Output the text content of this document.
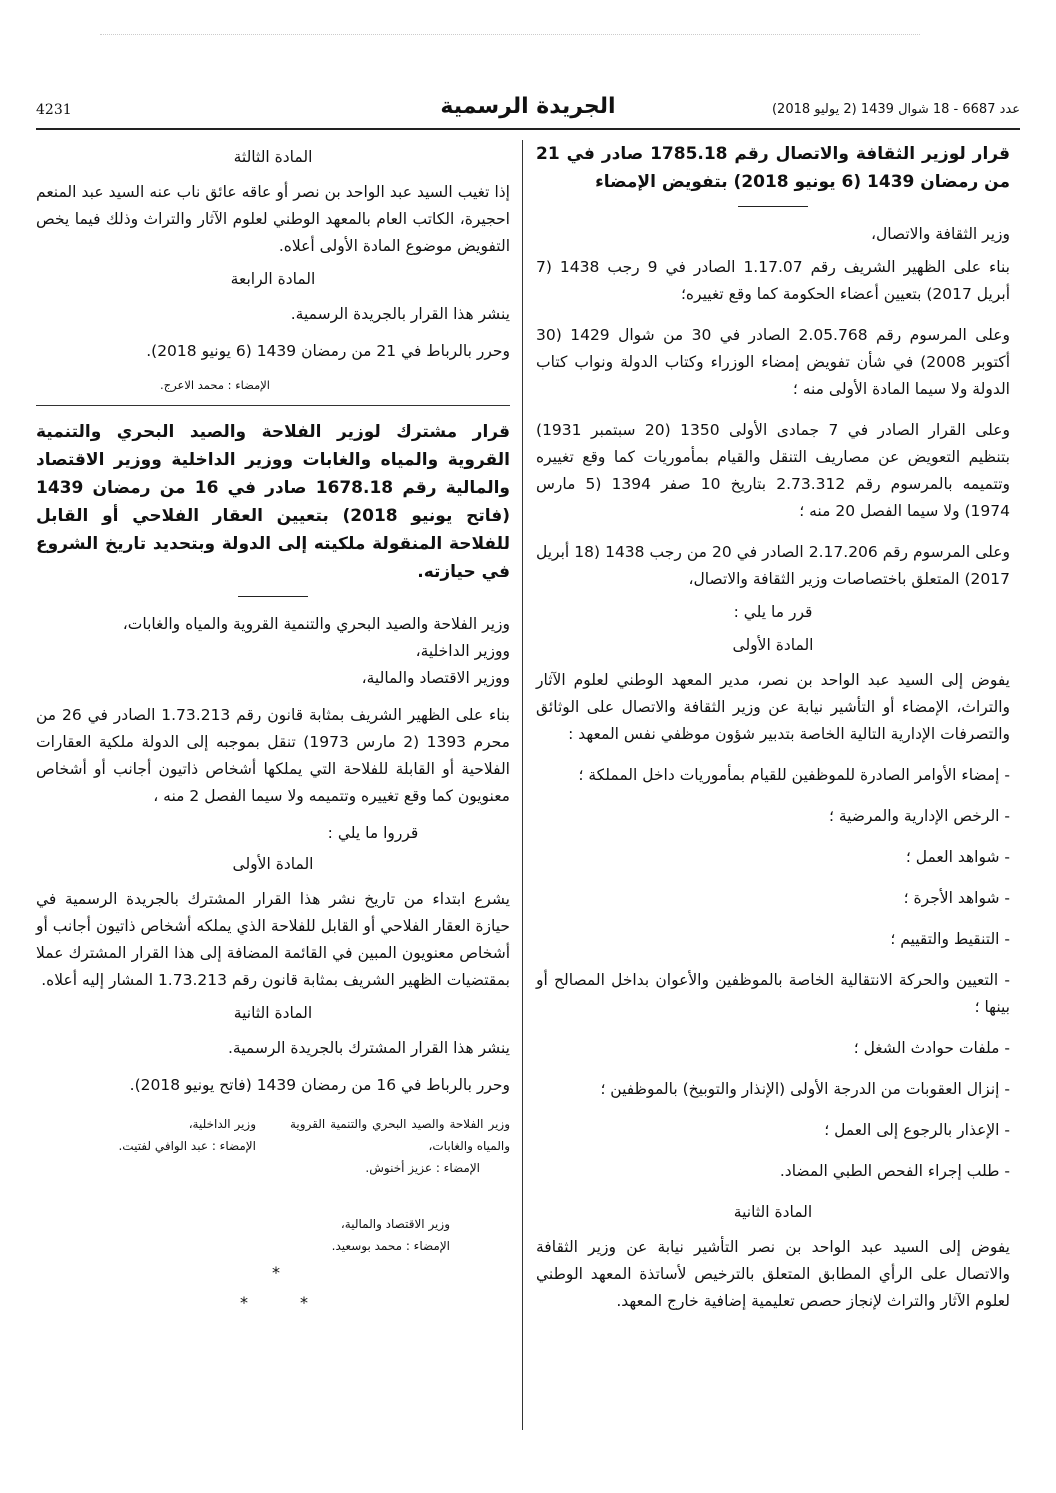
4231	الجريدة الرسمية	عدد 6687 - 18 شوال 1439 (2 يوليو 2018)

قرار لوزير الثقافة والاتصال رقم 1785.18 صادر في 21 من رمضان 1439 (6 يونيو 2018) بتفويض الإمضاء

وزير الثقافة والاتصال،

بناء على الظهير الشريف رقم 1.17.07 الصادر في 9 رجب 1438 (7 أبريل 2017) بتعيين أعضاء الحكومة كما وقع تغييره؛

وعلى المرسوم رقم 2.05.768 الصادر في 30 من شوال 1429 (30 أكتوبر 2008) في شأن تفويض إمضاء الوزراء وكتاب الدولة ونواب كتاب الدولة ولا سيما المادة الأولى منه ؛

وعلى القرار الصادر في 7 جمادى الأولى 1350 (20 سبتمبر 1931) بتنظيم التعويض عن مصاريف التنقل والقيام بمأموريات كما وقع تغييره وتتميمه بالمرسوم رقم 2.73.312 بتاريخ 10 صفر 1394 (5 مارس 1974) ولا سيما الفصل 20 منه ؛

وعلى المرسوم رقم 2.17.206 الصادر في 20 من رجب 1438 (18 أبريل 2017) المتعلق باختصاصات وزير الثقافة والاتصال،

قرر ما يلي :

المادة الأولى

يفوض إلى السيد عبد الواحد بن نصر، مدير المعهد الوطني لعلوم الآثار والتراث، الإمضاء أو التأشير نيابة عن وزير الثقافة والاتصال على الوثائق والتصرفات الإدارية التالية الخاصة بتدبير شؤون موظفي نفس المعهد :

- إمضاء الأوامر الصادرة للموظفين للقيام بمأموريات داخل المملكة ؛

- الرخص الإدارية والمرضية ؛

- شواهد العمل ؛

- شواهد الأجرة ؛

- التنقيط والتقييم ؛

- التعيين والحركة الانتقالية الخاصة بالموظفين والأعوان بداخل المصالح أو بينها ؛

- ملفات حوادث الشغل ؛

- إنزال العقوبات من الدرجة الأولى (الإنذار والتوبيخ) بالموظفين ؛

- الإعذار بالرجوع إلى العمل ؛

- طلب إجراء الفحص الطبي المضاد.

المادة الثانية

يفوض إلى السيد عبد الواحد بن نصر التأشير نيابة عن وزير الثقافة والاتصال على الرأي المطابق المتعلق بالترخيص لأساتذة المعهد الوطني لعلوم الآثار والتراث لإنجاز حصص تعليمية إضافية خارج المعهد.

المادة الثالثة

إذا تغيب السيد عبد الواحد بن نصر أو عاقه عائق ناب عنه السيد عبد المنعم احجيرة، الكاتب العام بالمعهد الوطني لعلوم الآثار والتراث وذلك فيما يخص التفويض موضوع المادة الأولى أعلاه.

المادة الرابعة

ينشر هذا القرار بالجريدة الرسمية.

وحرر بالرباط في 21 من رمضان 1439 (6 يونيو 2018).

الإمضاء : محمد الاعرج.

قرار مشترك لوزير الفلاحة والصيد البحري والتنمية القروية والمياه والغابات ووزير الداخلية ووزير الاقتصاد والمالية رقم 1678.18 صادر في 16 من رمضان 1439 (فاتح يونيو 2018) بتعيين العقار الفلاحي أو القابل للفلاحة المنقولة ملكيته إلى الدولة وبتحديد تاريخ الشروع في حيازته.

وزير الفلاحة والصيد البحري والتنمية القروية والمياه والغابات،

ووزير الداخلية،

ووزير الاقتصاد والمالية،

بناء على الظهير الشريف بمثابة قانون رقم 1.73.213 الصادر في 26 من محرم 1393 (2 مارس 1973) تنقل بموجبه إلى الدولة ملكية العقارات الفلاحية أو القابلة للفلاحة التي يملكها أشخاص ذاتيون أجانب أو أشخاص معنويون كما وقع تغييره وتتميمه ولا سيما الفصل 2 منه ،

قرروا ما يلي :

المادة الأولى

يشرع ابتداء من تاريخ نشر هذا القرار المشترك بالجريدة الرسمية في حيازة العقار الفلاحي أو القابل للفلاحة الذي يملكه أشخاص ذاتيون أجانب أو أشخاص معنويون المبين في القائمة المضافة إلى هذا القرار المشترك عملا بمقتضيات الظهير الشريف بمثابة قانون رقم 1.73.213 المشار إليه أعلاه.

المادة الثانية

ينشر هذا القرار المشترك بالجريدة الرسمية.

وحرر بالرباط في 16 من رمضان 1439 (فاتح يونيو 2018).

وزير الفلاحة والصيد البحري والتنمية القروية والمياه والغابات،
الإمضاء : عزيز أخنوش.
وزير الداخلية،
الإمضاء : عبد الوافي لفتيت.
وزير الاقتصاد والمالية،
الإمضاء : محمد بوسعيد.
*
*	*
